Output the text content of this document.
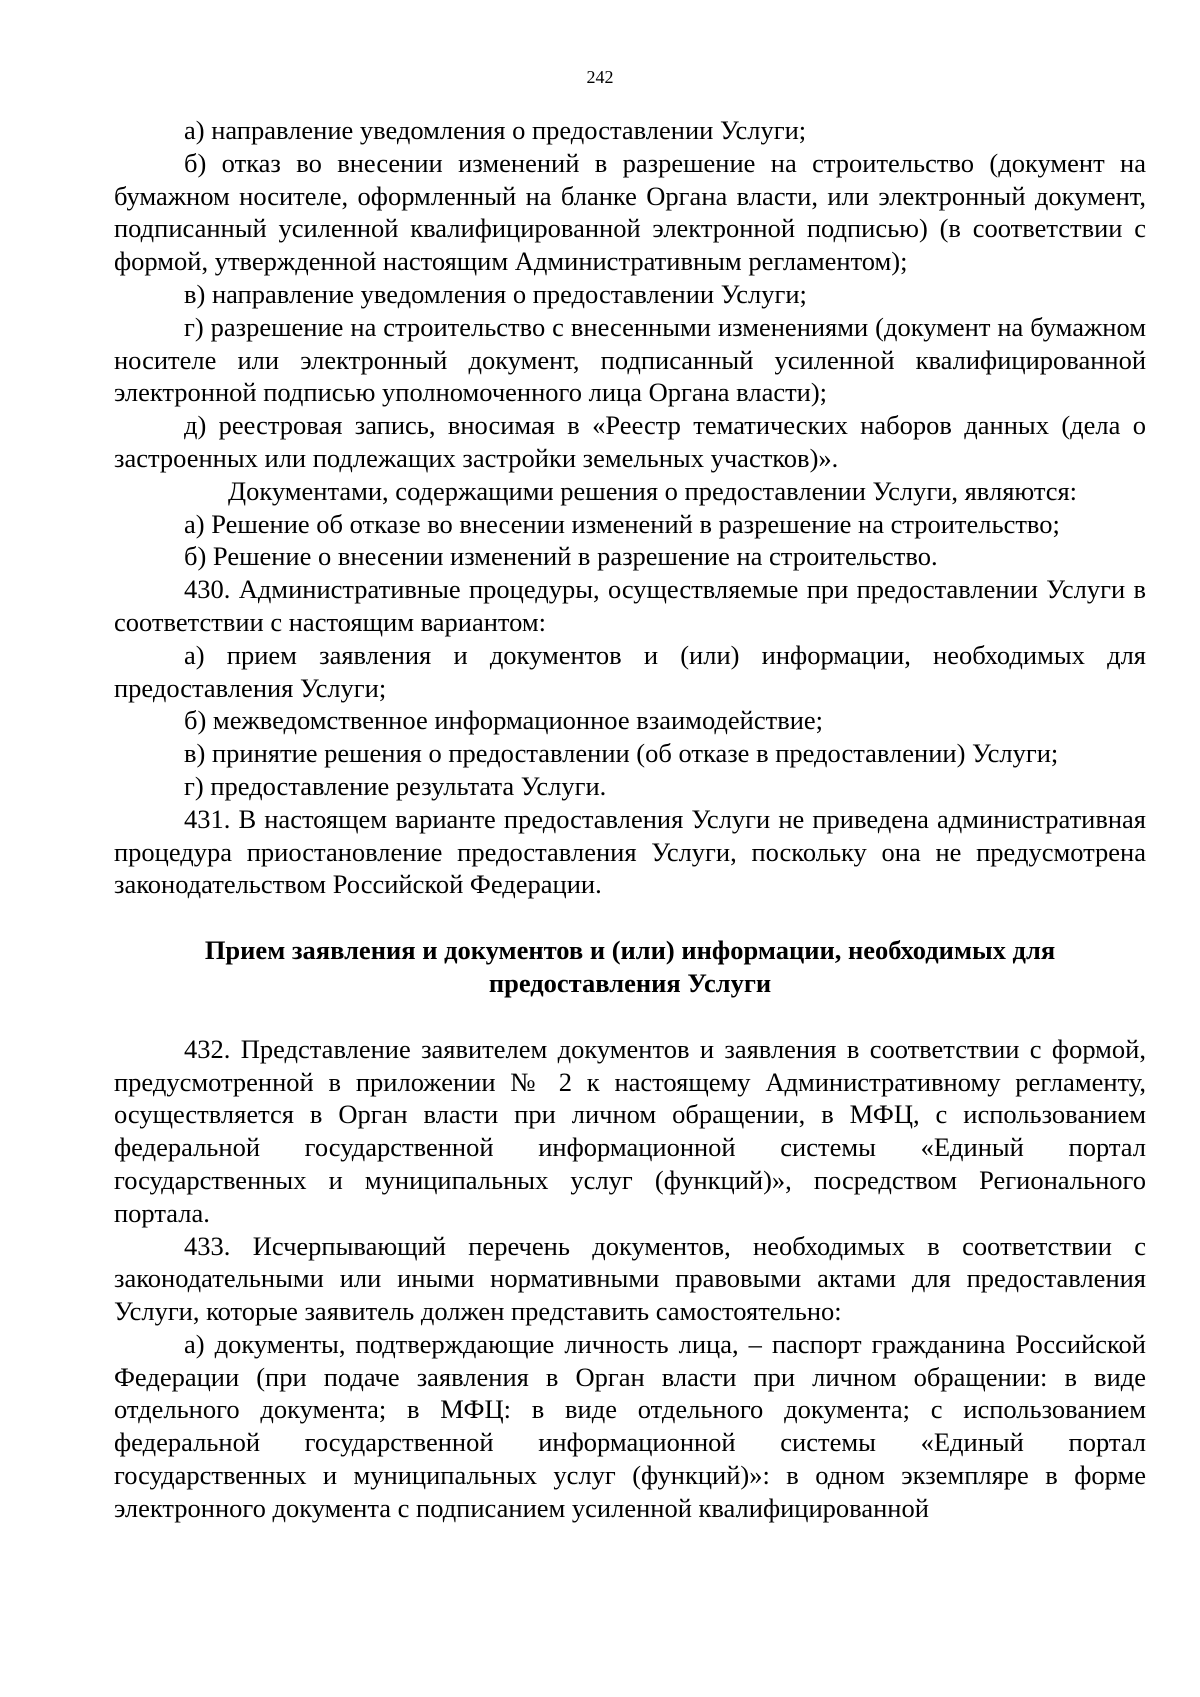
242

а) направление уведомления о предоставлении Услуги;

б) отказ во внесении изменений в разрешение на строительство (документ на бумажном носителе, оформленный на бланке Органа власти, или электронный документ, подписанный усиленной квалифицированной электронной подписью) (в соответствии с формой, утвержденной настоящим Административным регламентом);

в) направление уведомления о предоставлении Услуги;

г) разрешение на строительство с внесенными изменениями (документ на бумажном носителе или электронный документ, подписанный усиленной квалифицированной электронной подписью уполномоченного лица Органа власти);

д) реестровая запись, вносимая в «Реестр тематических наборов данных (дела о застроенных или подлежащих застройки земельных участков)».

Документами, содержащими решения о предоставлении Услуги, являются:

а) Решение об отказе во внесении изменений в разрешение на строительство;

б) Решение о внесении изменений в разрешение на строительство.

430. Административные процедуры, осуществляемые при предоставлении Услуги в соответствии с настоящим вариантом:

а) прием заявления и документов и (или) информации, необходимых для предоставления Услуги;

б) межведомственное информационное взаимодействие;

в) принятие решения о предоставлении (об отказе в предоставлении) Услуги;

г) предоставление результата Услуги.

431. В настоящем варианте предоставления Услуги не приведена административная процедура приостановление предоставления Услуги, поскольку она не предусмотрена законодательством Российской Федерации.

Прием заявления и документов и (или) информации, необходимых для
предоставления Услуги

432. Представление заявителем документов и заявления в соответствии с формой, предусмотренной в приложении № 2 к настоящему Административному регламенту, осуществляется в Орган власти при личном обращении, в МФЦ, с использованием федеральной государственной информационной системы «Единый портал государственных и муниципальных услуг (функций)», посредством Регионального портала.

433. Исчерпывающий перечень документов, необходимых в соответствии с законодательными или иными нормативными правовыми актами для предоставления Услуги, которые заявитель должен представить самостоятельно:

а) документы, подтверждающие личность лица, – паспорт гражданина Российской Федерации (при подаче заявления в Орган власти при личном обращении: в виде отдельного документа; в МФЦ: в виде отдельного документа; с использованием федеральной государственной информационной системы «Единый портал государственных и муниципальных услуг (функций)»: в одном экземпляре в форме электронного документа с подписанием усиленной квалифицированной
